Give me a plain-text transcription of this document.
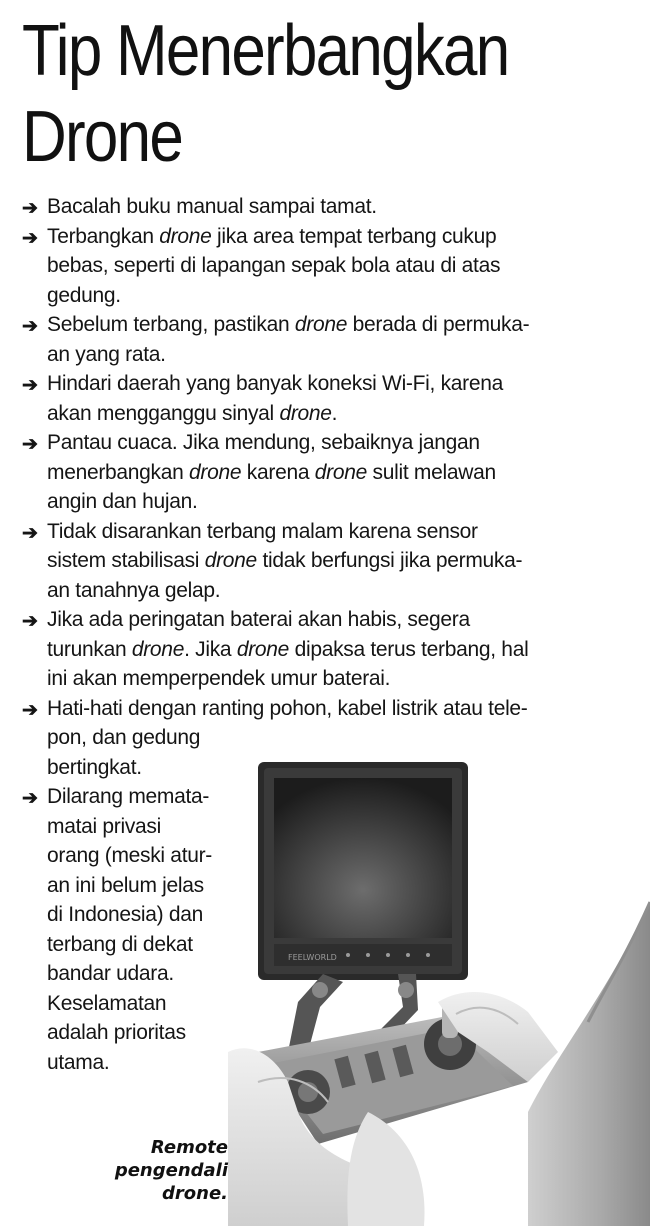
Tip Menerbangkan
Drone
➔ Bacalah buku manual sampai tamat.
➔ Terbangkan drone jika area tempat terbang cukup
bebas, seperti di lapangan sepak bola atau di atas
gedung.
➔ Sebelum terbang, pastikan drone berada di permuka-
an yang rata.
➔ Hindari daerah yang banyak koneksi Wi-Fi, karena
akan mengganggu sinyal drone.
➔ Pantau cuaca. Jika mendung, sebaiknya jangan
menerbangkan drone karena drone sulit melawan
angin dan hujan.
➔ Tidak disarankan terbang malam karena sensor
sistem stabilisasi drone tidak berfungsi jika permuka-
an tanahnya gelap.
➔ Jika ada peringatan baterai akan habis, segera
turunkan drone. Jika drone dipaksa terus terbang, hal
ini akan memperpendek umur baterai.
➔ Hati-hati dengan ranting pohon, kabel listrik atau tele-
pon, dan gedung
bertingkat.
➔ Dilarang memata-
matai privasi
orang (meski atur-
an ini belum jelas
di Indonesia) dan
terbang di dekat
bandar udara.
Keselamatan
adalah prioritas
utama.
FEELWORLD
Remote
pengendali
drone.
